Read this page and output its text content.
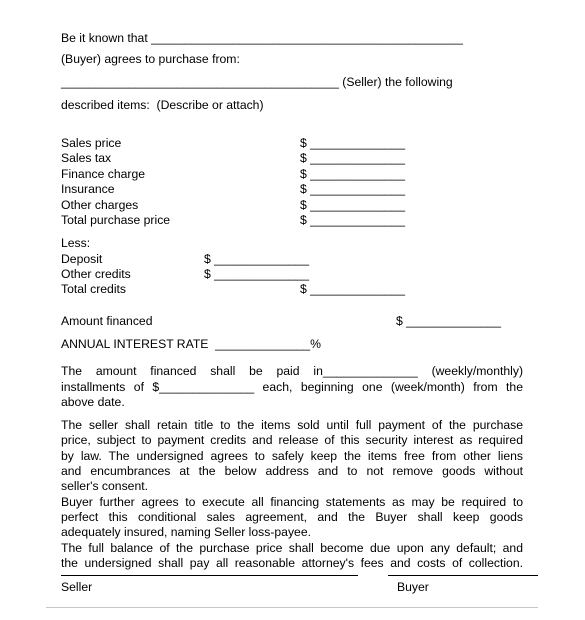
Be it known that ______________________________________________
(Buyer) agrees to purchase from:
_________________________________________ (Seller) the following
described items:  (Describe or attach)
Sales price	$ ______________
Sales tax	$ ______________
Finance charge	$ ______________
Insurance	$ ______________
Other charges	$ ______________
Total purchase price	$ ______________
Less:
Deposit	$ ______________
Other credits	$ ______________
Total credits	$ ______________
Amount financed	$ ______________
ANNUAL INTEREST RATE  ______________%
The amount financed shall be paid in______________ (weekly/monthly)
installments of $______________ each, beginning one (week/month) from the
above date.
The seller shall retain title to the items sold until full payment of the purchase
price, subject to payment credits and release of this security interest as required
by law. The undersigned agrees to safely keep the items free from other liens
and encumbrances at the below address and to not remove goods without
seller's consent.
Buyer further agrees to execute all financing statements as may be required to
perfect this conditional sales agreement, and the Buyer shall keep goods
adequately insured, naming Seller loss-payee.
The full balance of the purchase price shall become due upon any default; and
the undersigned shall pay all reasonable attorney's fees and costs of collection.
Seller	Buyer
